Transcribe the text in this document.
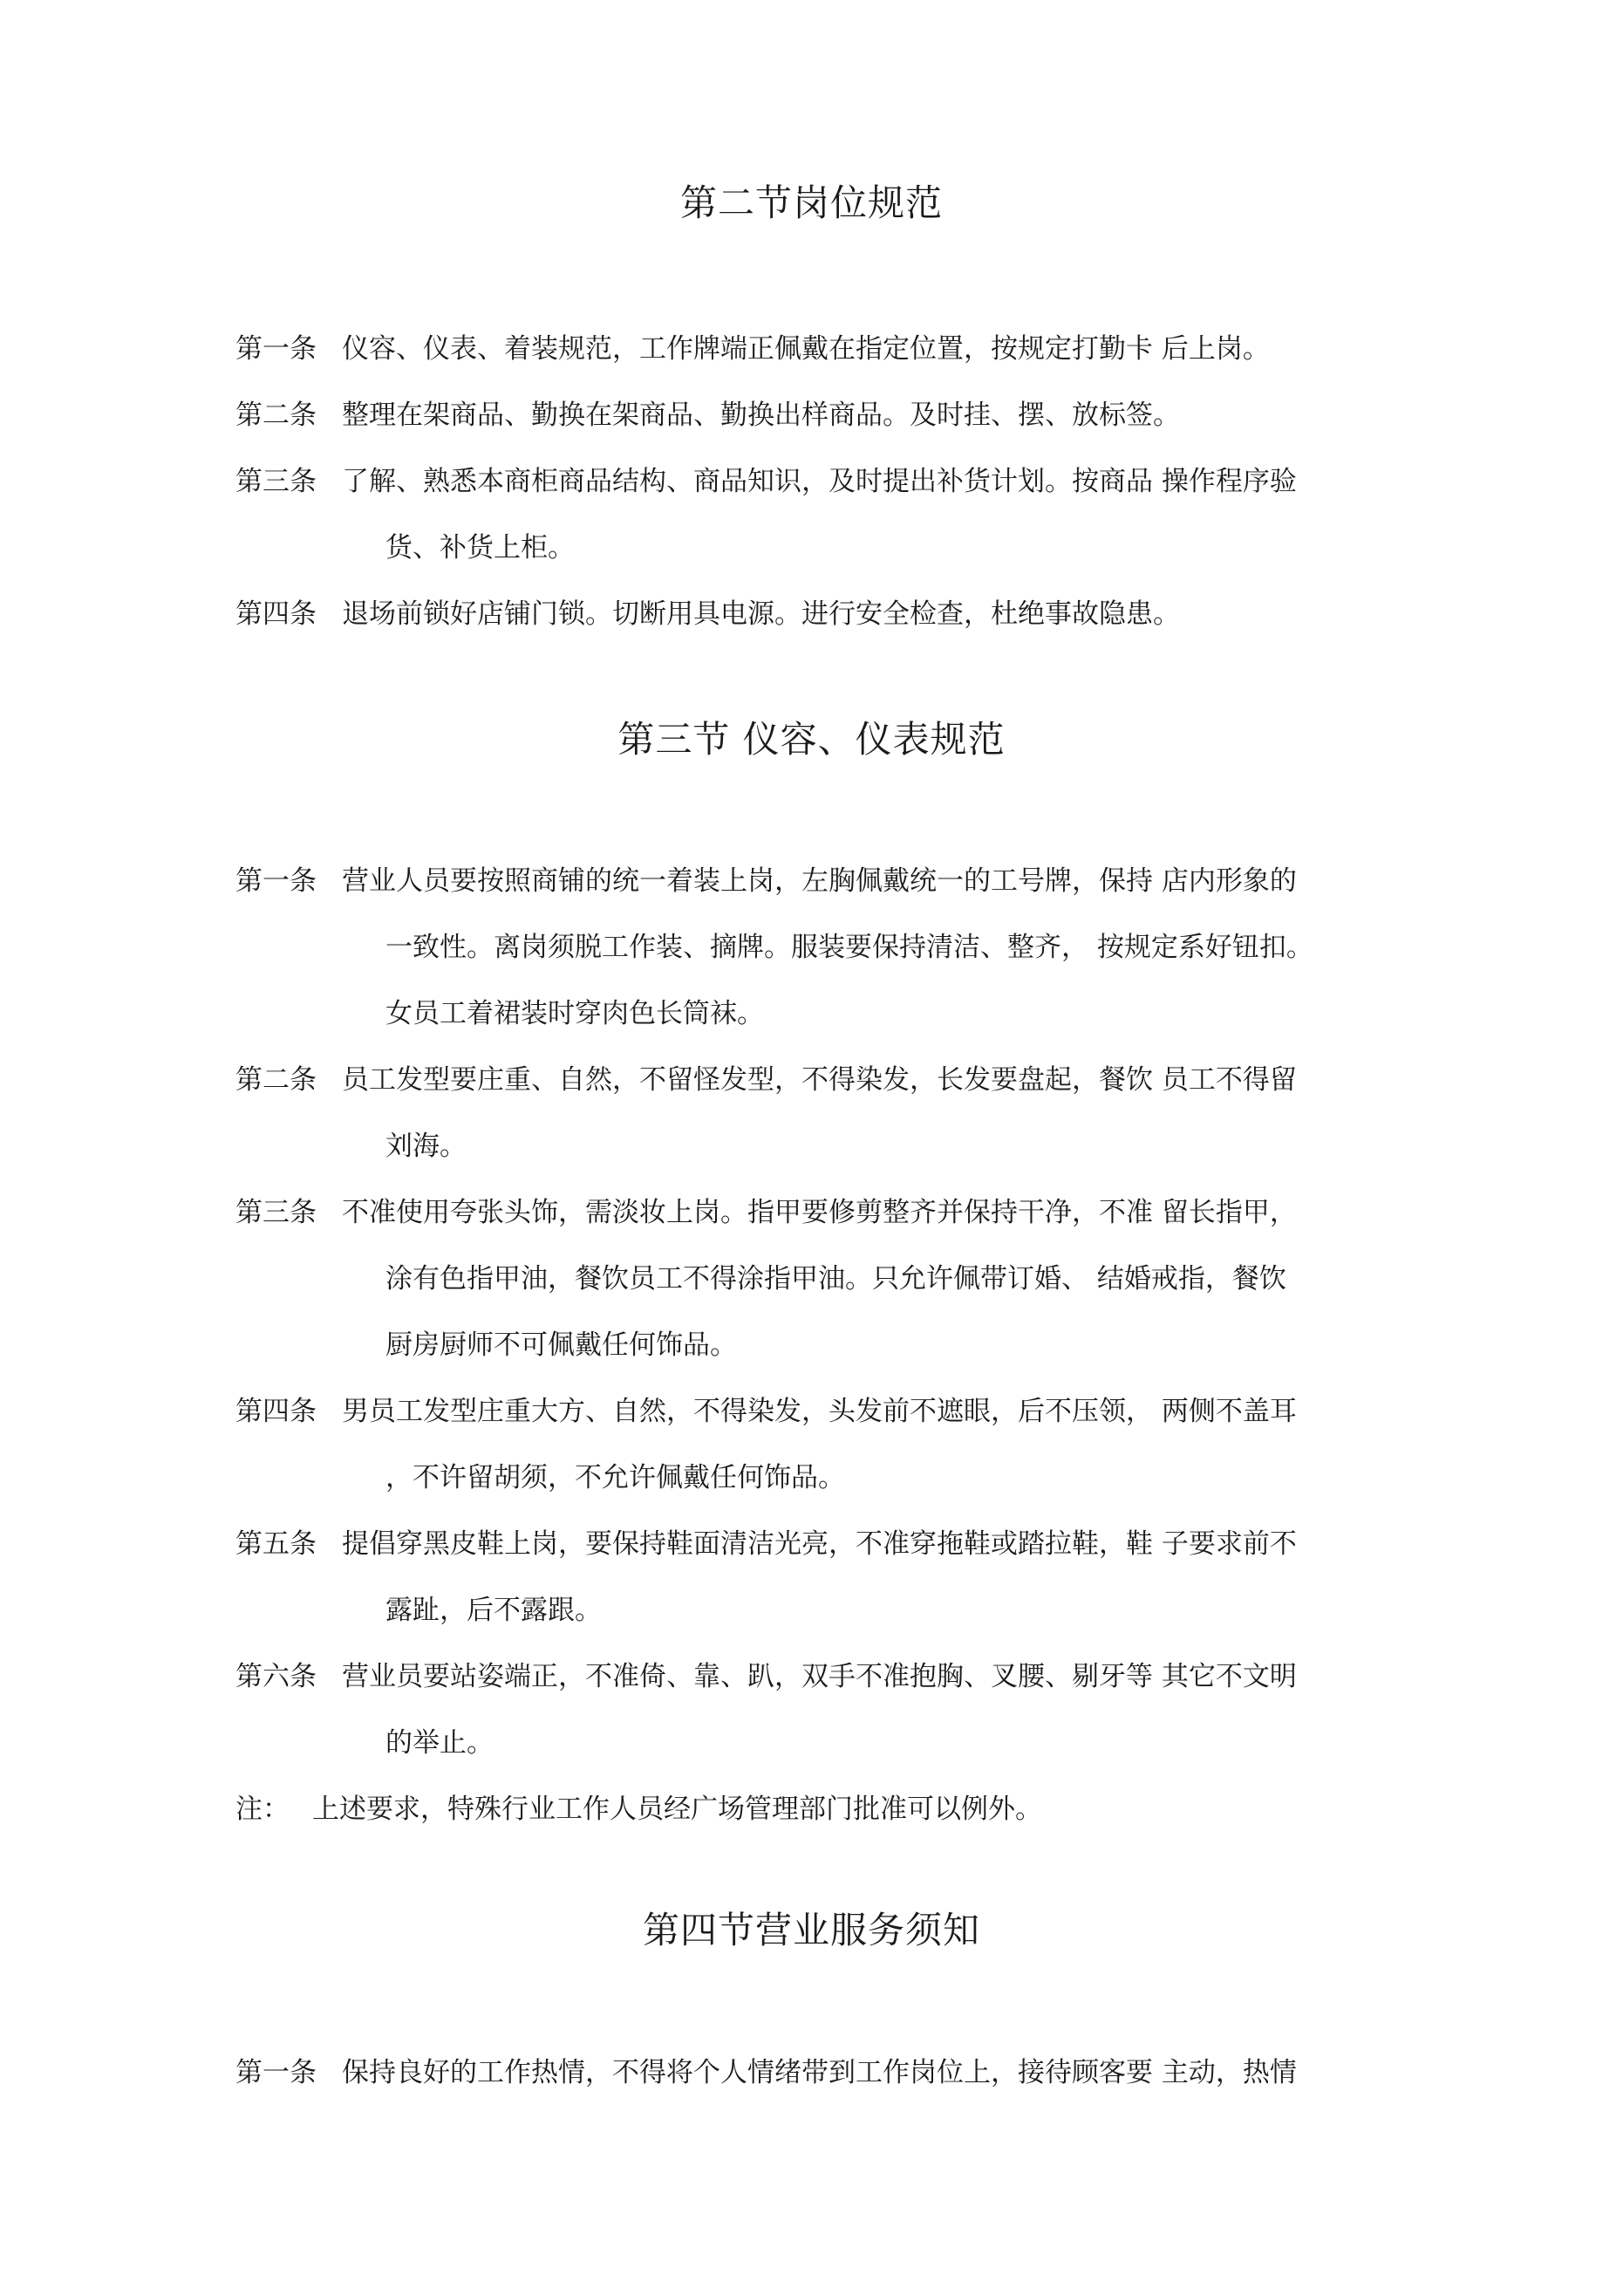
第二节岗位规范
第一条 仪容、仪表、着装规范，工作牌端正佩戴在指定位置，按规定打勤卡 后上岗。
第二条 整理在架商品、勤换在架商品、勤换出样商品。及时挂、摆、放标签。
第三条 了解、熟悉本商柜商品结构、商品知识，及时提出补货计划。按商品 操作程序验
货、补货上柜。
第四条 退场前锁好店铺门锁。切断用具电源。进行安全检查，杜绝事故隐患。
第三节 仪容、仪表规范
第一条 营业人员要按照商铺的统一着装上岗，左胸佩戴统一的工号牌，保持 店内形象的
一致性。离岗须脱工作装、摘牌。服装要保持清洁、整齐， 按规定系好钮扣。
女员工着裙装时穿肉色长筒袜。
第二条 员工发型要庄重、自然，不留怪发型，不得染发，长发要盘起，餐饮 员工不得留
刘海。
第三条 不准使用夸张头饰，需淡妆上岗。指甲要修剪整齐并保持干净，不准 留长指甲，
涂有色指甲油，餐饮员工不得涂指甲油。只允许佩带订婚、 结婚戒指，餐饮
厨房厨师不可佩戴任何饰品。
第四条 男员工发型庄重大方、自然，不得染发，头发前不遮眼，后不压领， 两侧不盖耳
，不许留胡须，不允许佩戴任何饰品。
第五条 提倡穿黑皮鞋上岗，要保持鞋面清洁光亮，不准穿拖鞋或踏拉鞋，鞋 子要求前不
露趾，后不露跟。
第六条 营业员要站姿端正，不准倚、靠、趴，双手不准抱胸、叉腰、剔牙等 其它不文明
的举止。

注： 上述要求，特殊行业工作人员经广场管理部门批准可以例外。

第四节营业服务须知
第一条 保持良好的工作热情，不得将个人情绪带到工作岗位上，接待顾客要 主动，热情
